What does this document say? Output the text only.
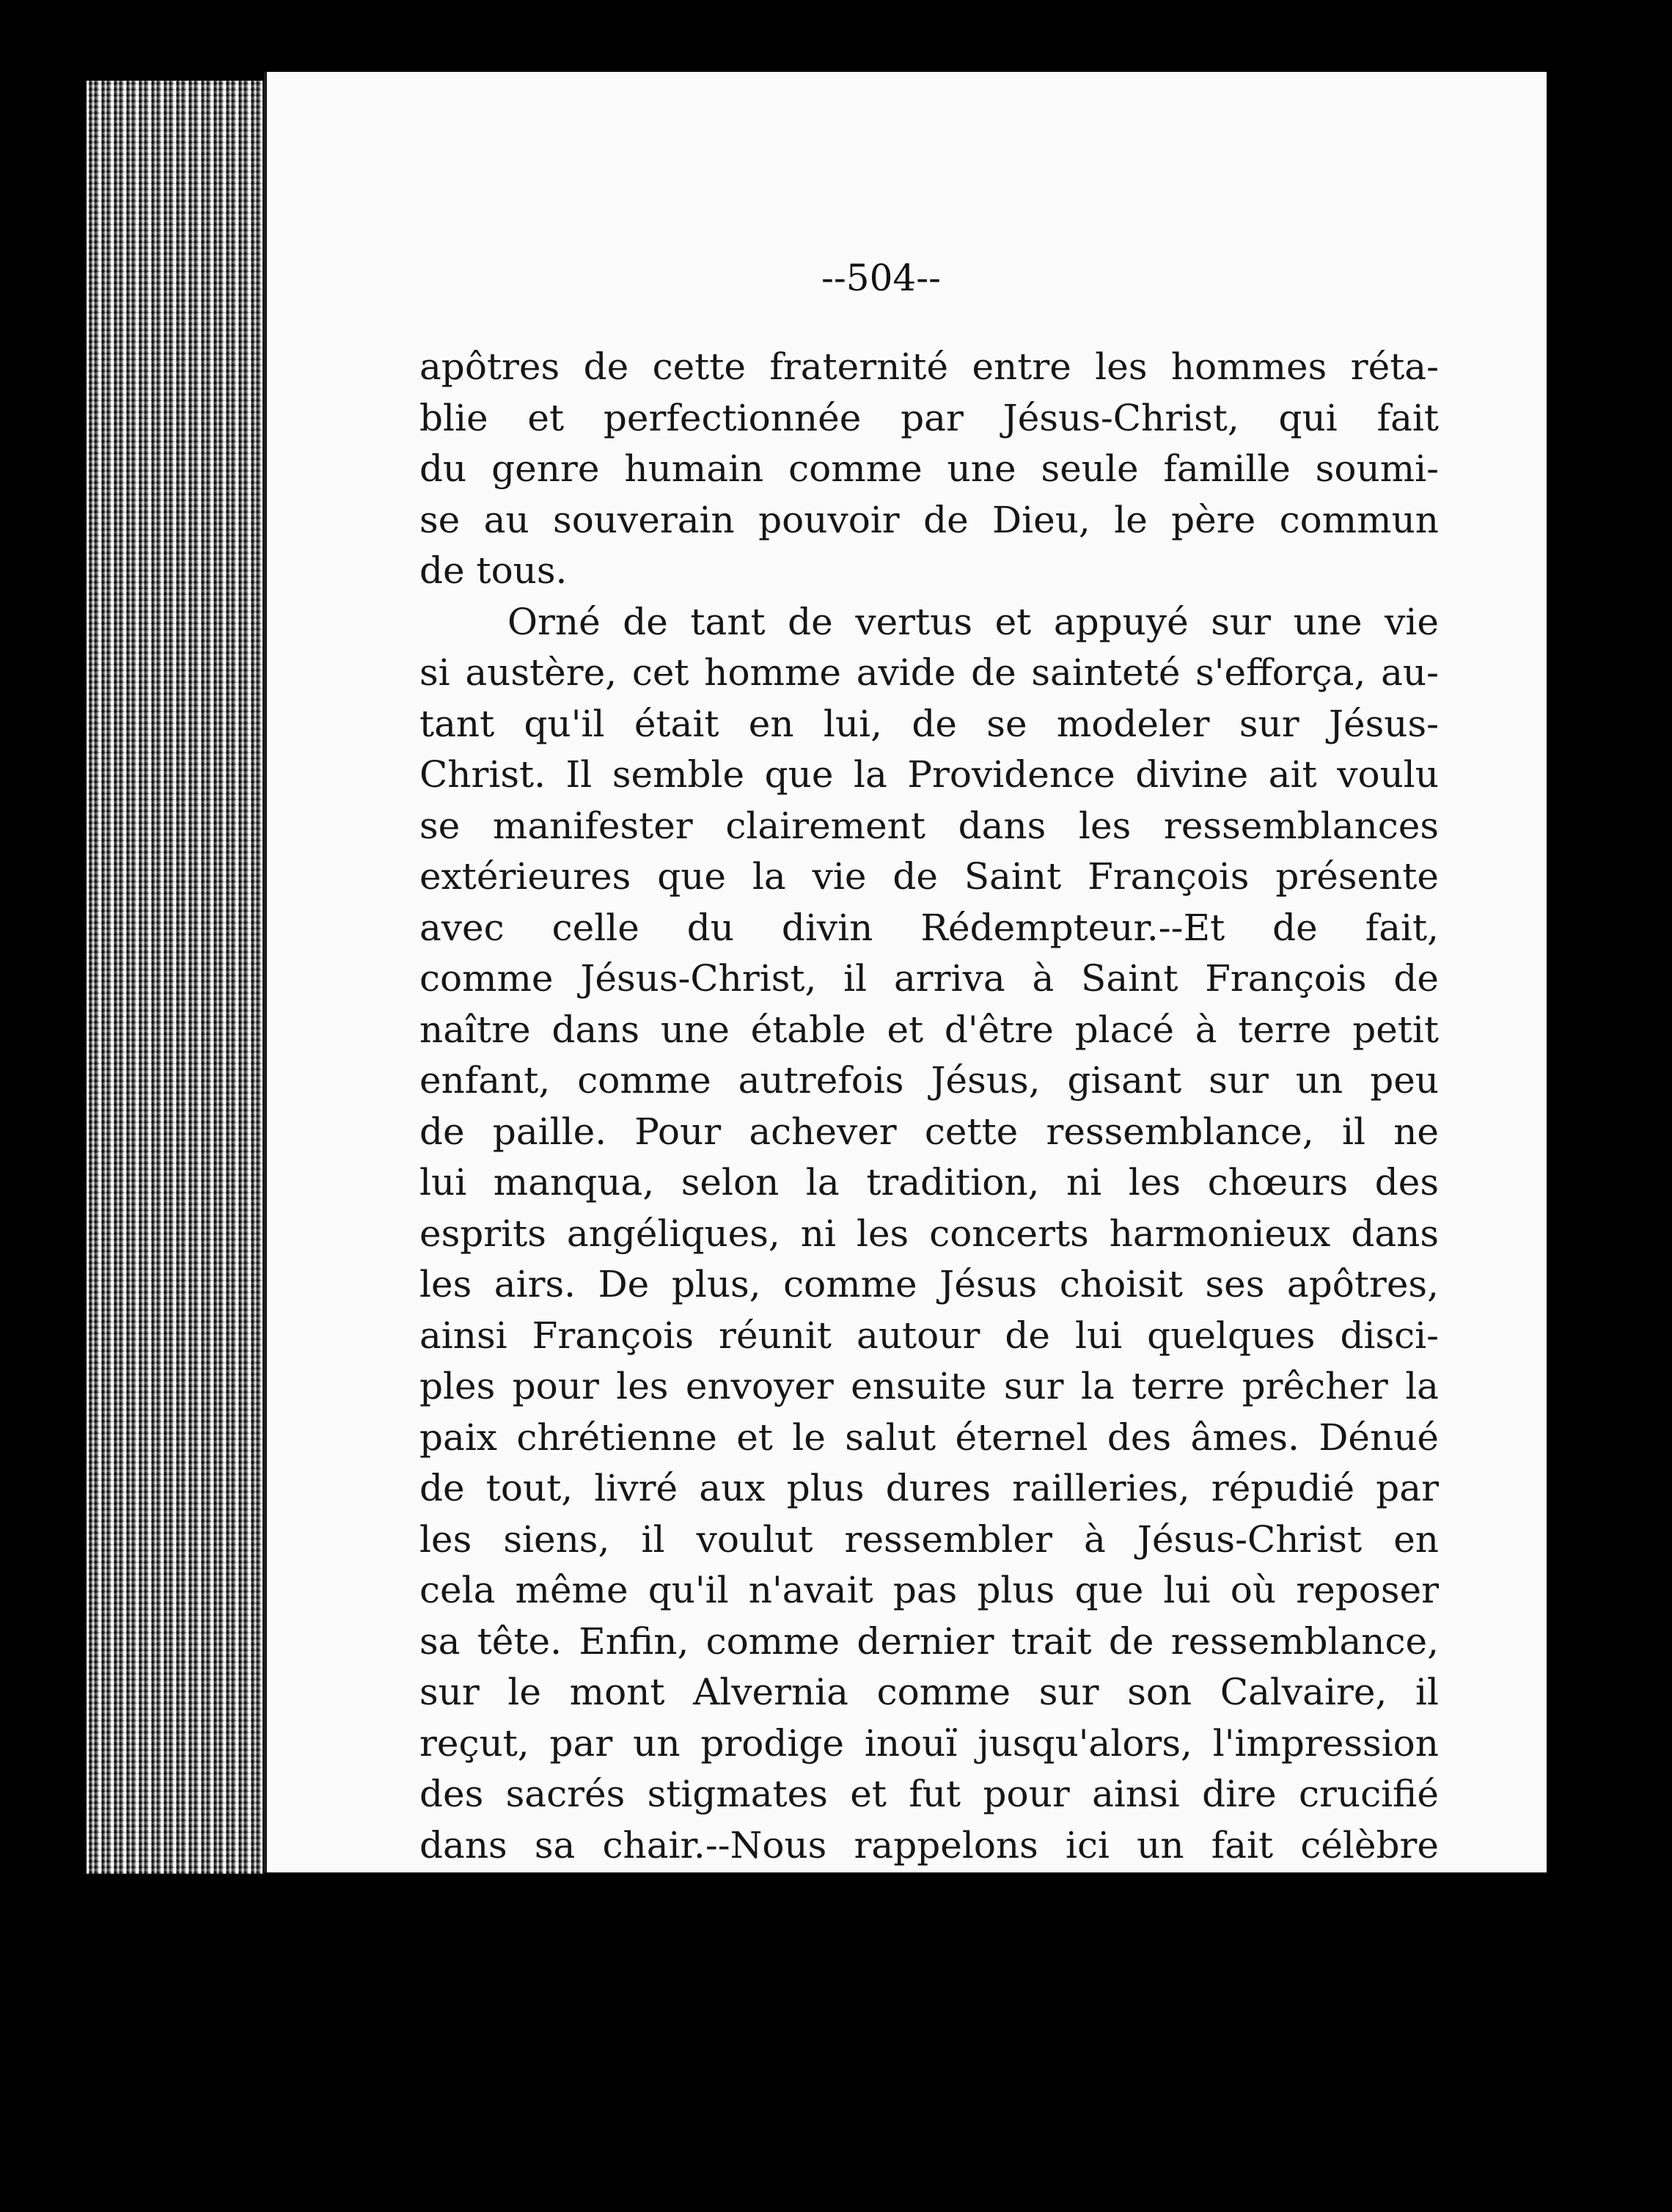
--504--
apôtres de cette fraternité entre les hommes réta-
blie et perfectionnée par Jésus-Christ, qui fait
du genre humain comme une seule famille soumi-
se au souverain pouvoir de Dieu, le père commun
de tous.
Orné de tant de vertus et appuyé sur une vie
si austère, cet homme avide de sainteté s'efforça, au-
tant qu'il était en lui, de se modeler sur Jésus-
Christ. Il semble que la Providence divine ait voulu
se manifester clairement dans les ressemblances
extérieures que la vie de Saint François présente
avec celle du divin Rédempteur.--Et de fait,
comme Jésus-Christ, il arriva à Saint François de
naître dans une étable et d'être placé à terre petit
enfant, comme autrefois Jésus, gisant sur un peu
de paille. Pour achever cette ressemblance, il ne
lui manqua, selon la tradition, ni les chœurs des
esprits angéliques, ni les concerts harmonieux dans
les airs. De plus, comme Jésus choisit ses apôtres,
ainsi François réunit autour de lui quelques disci-
ples pour les envoyer ensuite sur la terre prêcher la
paix chrétienne et le salut éternel des âmes. Dénué
de tout, livré aux plus dures railleries, répudié par
les siens, il voulut ressembler à Jésus-Christ en
cela même qu'il n'avait pas plus que lui où reposer
sa tête. Enfin, comme dernier trait de ressemblance,
sur le mont Alvernia comme sur son Calvaire, il
reçut, par un prodige inouï jusqu'alors, l'impression
des sacrés stigmates et fut pour ainsi dire crucifié
dans sa chair.--Nous rappelons ici un fait célèbre
